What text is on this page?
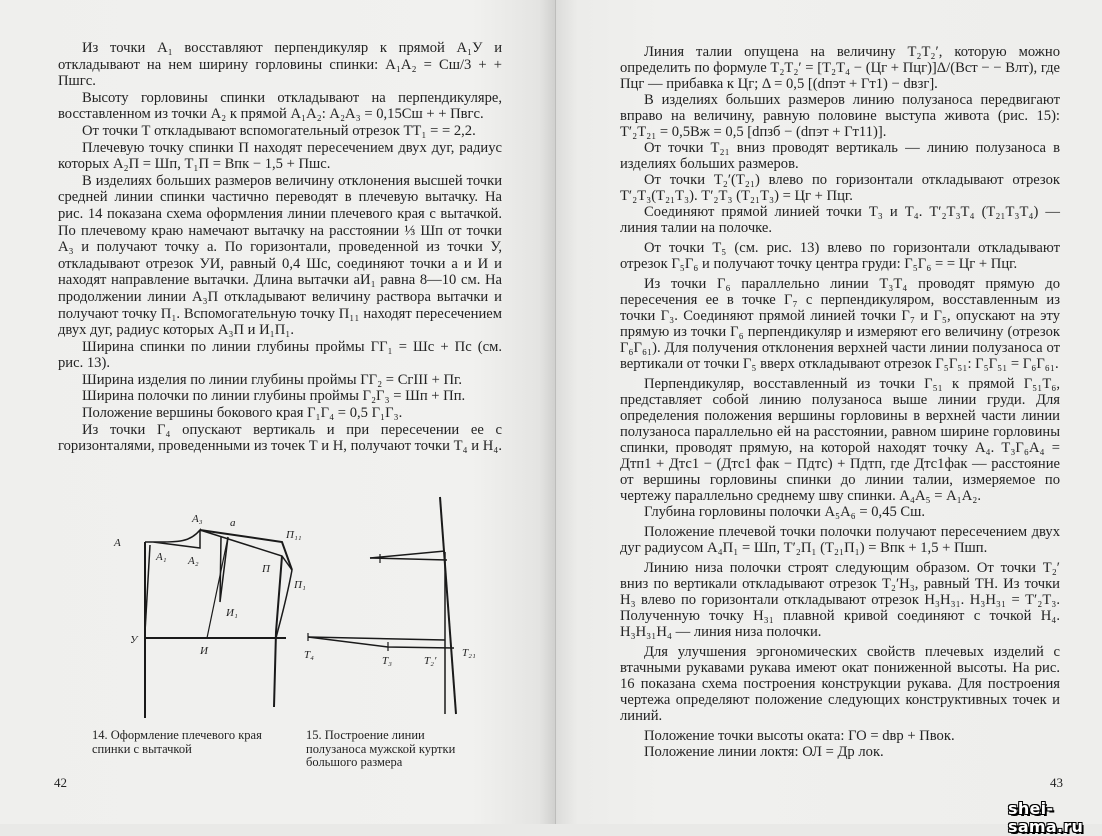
Из точки А₁ восставляют перпендикуляр к прямой А₁У и откладывают на нем ширину горловины спинки: А₁А₂ = Сш/3 + + Пшгс.

Высоту горловины спинки откладывают на перпендикуляре, восставленном из точки А₂ к прямой А₁А₂: А₂А₃ = 0,15Сш + + Пвгс.

От точки Т откладывают вспомогательный отрезок ТТ₁ = = 2,2.

Плечевую точку спинки П находят пересечением двух дуг, радиус которых А₂П = Шп, Т₁П = Впк − 1,5 + Пшс.

В изделиях больших размеров величину отклонения высшей точки средней линии спинки частично переводят в плечевую вытачку. На рис. 14 показана схема оформления линии плечевого края с вытачкой. По плечевому краю намечают вытачку на расстоянии ⅓ Шп от точки А₃ и получают точку а. По горизонтали, проведенной из точки У, откладывают отрезок УИ, равный 0,4 Шс, соединяют точки а и И и находят направление вытачки. Длина вытачки аИ₁ равна 8—10 см. На продолжении линии А₃П откладывают величину раствора вытачки и получают точку П₁. Вспомогательную точку П₁₁ находят пересечением двух дуг, радиус которых А₃П и И₁П₁.

Ширина спинки по линии глубины проймы ГГ₁ = Шс + Пс (см. рис. 13).

Ширина изделия по линии глубины проймы ГГ₂ = СгIII + Пг.

Ширина полочки по линии глубины проймы Г₂Г₃ = Шп + Пп.

Положение вершины бокового края Г₁Г₄ = 0,5 Г₁Г₃.

Из точки Г₄ опускают вертикаль и при пересечении ее с горизонталями, проведенными из точек Т и Н, получают точки Т₄ и Н₄.

A
A₁ A₂
A₃ a
И₁
П
П₁
П₁₁
У
И	T₄	T₃	T₂′
T₂₁

14. Оформление плечевого края спинки с вытачкой

15. Построение линии полузаноса мужской куртки большого размера

42	43

Линия талии опущена на величину Т₂Т₂′, которую можно определить по формуле Т₂Т₂′ = [Т₂Т₄ − (Цг + Пцг)]Δ/(Вст − − Влт), где Пцг — прибавка к Цг; Δ = 0,5 [(dпэт + Гт1) − dвзг].

В изделиях больших размеров линию полузаноса передвигают вправо на величину, равную половине выступа живота (рис. 15): Т′₂Т₂₁ = 0,5Вж = 0,5 [dпзб − (dпэт + Гт11)].

От точки Т₂₁ вниз проводят вертикаль — линию полузаноса в изделиях больших размеров.

От точки Т₂′(Т₂₁) влево по горизонтали откладывают отрезок Т′₂Т₃(Т₂₁Т₃). Т′₂Т₃ (Т₂₁Т₃) = Цг + Пцг.

Соединяют прямой линией точки Т₃ и Т₄. Т′₂Т₃Т₄ (Т₂₁Т₃Т₄) — линия талии на полочке.

От точки Т₅ (см. рис. 13) влево по горизонтали откладывают отрезок Г₅Г₆ и получают точку центра груди: Г₅Г₆ = = Цг + Пцг.

Из точки Г₆ параллельно линии Т₃Т₄ проводят прямую до пересечения ее в точке Г₇ с перпендикуляром, восставленным из точки Г₃. Соединяют прямой линией точки Г₇ и Г₅, опускают на эту прямую из точки Г₆ перпендикуляр и измеряют его величину (отрезок Г₆Г₆₁). Для получения отклонения верхней части линии полузаноса от вертикали от точки Г₅ вверх откладывают отрезок Г₅Г₅₁: Г₅Г₅₁ = Г₆Г₆₁.

Перпендикуляр, восставленный из точки Г₅₁ к прямой Г₅₁Т₆, представляет собой линию полузаноса выше линии груди. Для определения положения вершины горловины в верхней части линии полузаноса параллельно ей на расстоянии, равном ширине горловины спинки, проводят прямую, на которой находят точку А₄. Т₃Г₆А₄ = Дтп1 + Дтс1 − (Дтс1 фак − Пдтс) + Пдтп, где Дтс1фак — расстояние от вершины горловины спинки до линии талии, измеряемое по чертежу параллельно среднему шву спинки. А₄А₅ = А₁А₂.

Глубина горловины полочки А₅А₆ = 0,45 Сш.

Положение плечевой точки полочки получают пересечением двух дуг радиусом А₄П₁ = Шп, Т′₂П₁ (Т₂₁П₁) = Впк + 1,5 + Пшп.

Линию низа полочки строят следующим образом. От точки Т₂′ вниз по вертикали откладывают отрезок Т₂′Н₃, равный ТН. Из точки Н₃ влево по горизонтали откладывают отрезок Н₃Н₃₁. Н₃Н₃₁ = Т′₂Т₃. Полученную точку Н₃₁ плавной кривой соединяют с точкой Н₄. Н₃Н₃₁Н₄ — линия низа полочки.

Для улучшения эргономических свойств плечевых изделий с втачными рукавами рукава имеют окат пониженной высоты. На рис. 16 показана схема построения конструкции рукава. Для построения чертежа определяют положение следующих конструктивных точек и линий.

Положение точки высоты оката: ГО = dвр + Пвок.

Положение линии локтя: ОЛ = Др лок.

shei-sama.ru
